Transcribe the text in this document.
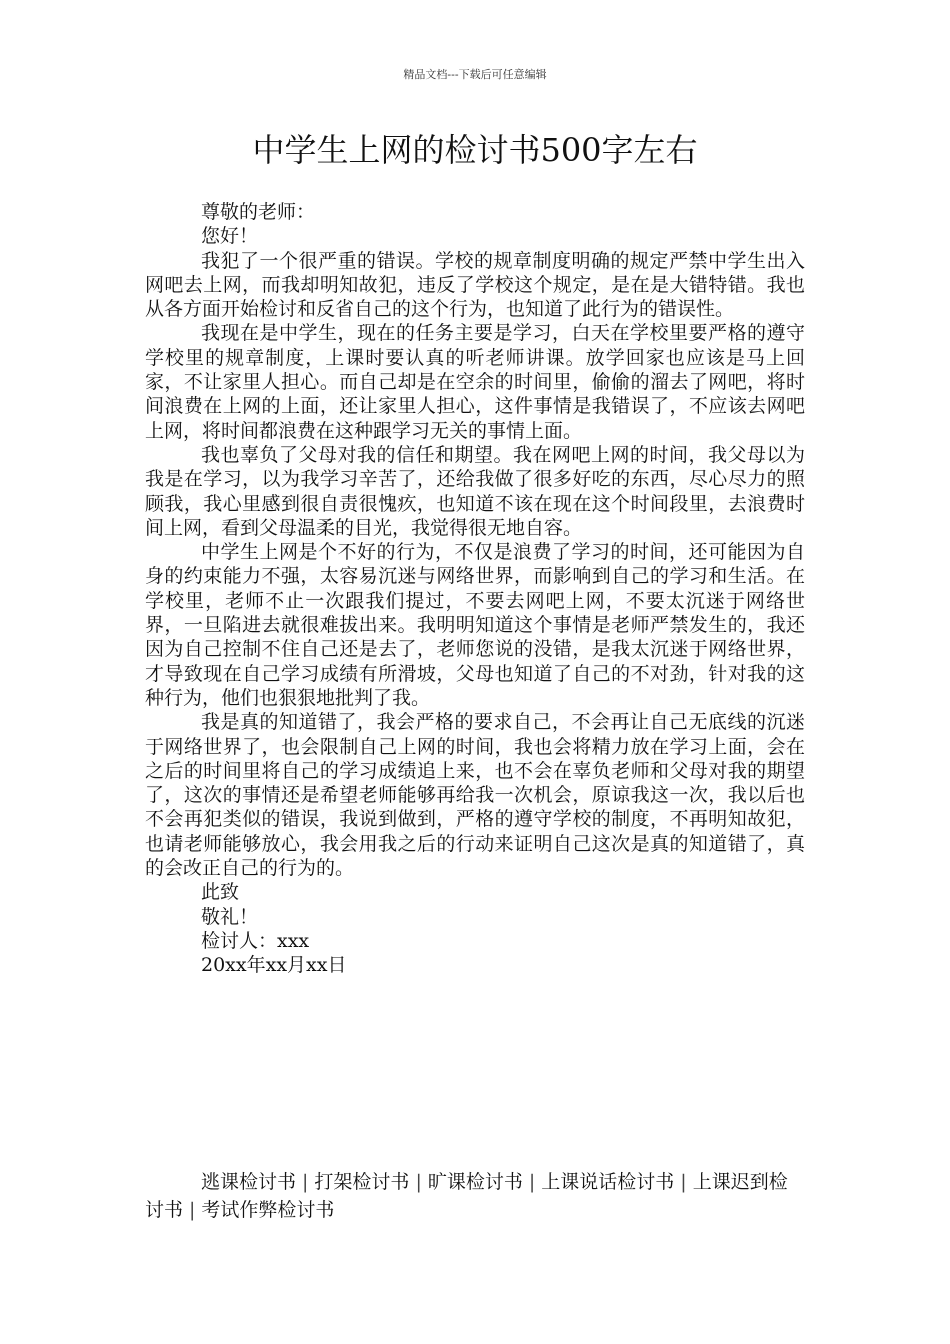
精品文档---下载后可任意编辑
中学生上网的检讨书500字左右
尊敬的老师：
您好！

我犯了一个很严重的错误。学校的规章制度明确的规定严禁中学生出入网吧去上网，而我却明知故犯，违反了学校这个规定，是在是大错特错。我也从各方面开始检讨和反省自己的这个行为，也知道了此行为的错误性。

我现在是中学生，现在的任务主要是学习，白天在学校里要严格的遵守学校里的规章制度，上课时要认真的听老师讲课。放学回家也应该是马上回家，不让家里人担心。而自己却是在空余的时间里，偷偷的溜去了网吧，将时间浪费在上网的上面，还让家里人担心，这件事情是我错误了，不应该去网吧上网，将时间都浪费在这种跟学习无关的事情上面。

我也辜负了父母对我的信任和期望。我在网吧上网的时间，我父母以为我是在学习，以为我学习辛苦了，还给我做了很多好吃的东西，尽心尽力的照顾我，我心里感到很自责很愧疚，也知道不该在现在这个时间段里，去浪费时间上网，看到父母温柔的目光，我觉得很无地自容。

中学生上网是个不好的行为，不仅是浪费了学习的时间，还可能因为自身的约束能力不强，太容易沉迷与网络世界，而影响到自己的学习和生活。在学校里，老师不止一次跟我们提过，不要去网吧上网，不要太沉迷于网络世界，一旦陷进去就很难拔出来。我明明知道这个事情是老师严禁发生的，我还因为自己控制不住自己还是去了，老师您说的没错，是我太沉迷于网络世界，才导致现在自己学习成绩有所滑坡，父母也知道了自己的不对劲，针对我的这种行为，他们也狠狠地批判了我。

我是真的知道错了，我会严格的要求自己，不会再让自己无底线的沉迷于网络世界了，也会限制自己上网的时间，我也会将精力放在学习上面，会在之后的时间里将自己的学习成绩追上来，也不会在辜负老师和父母对我的期望了，这次的事情还是希望老师能够再给我一次机会，原谅我这一次，我以后也不会再犯类似的错误，我说到做到，严格的遵守学校的制度，不再明知故犯，也请老师能够放心，我会用我之后的行动来证明自己这次是真的知道错了，真的会改正自己的行为的。

此致
敬礼！
检讨人：xxx
20xx年xx月xx日
逃课检讨书 | 打架检讨书 | 旷课检讨书 | 上课说话检讨书 | 上课迟到检讨书 | 考试作弊检讨书
